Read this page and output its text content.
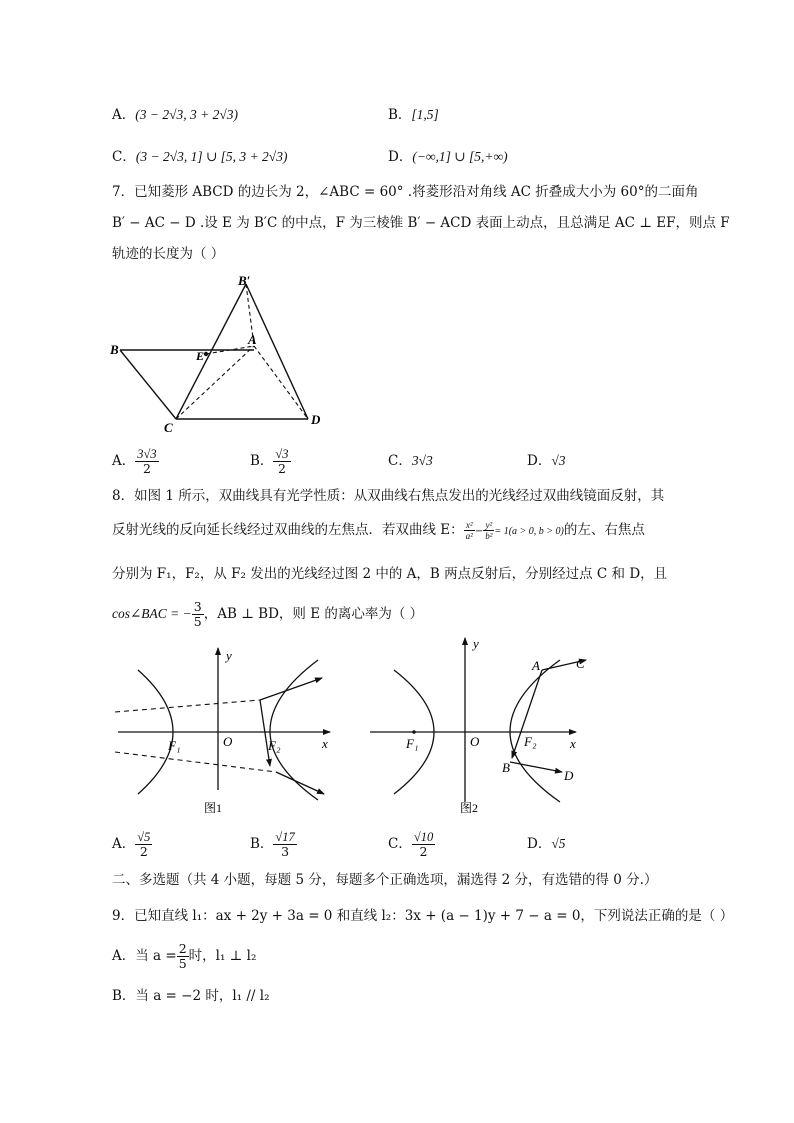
A．(3 − 2√3, 3 + 2√3)	B．[1,5]
C．(3 − 2√3, 1] ∪ [5, 3 + 2√3)	D．(−∞,1] ∪ [5,+∞)
7．已知菱形 ABCD 的边长为 2，∠ABC = 60° .将菱形沿对角线 AC 折叠成大小为 60°的二面角
B′ − AC − D .设 E 为 B′C 的中点，F 为三棱锥 B′ − ACD 表面上动点，且总满足 AC ⊥ EF，则点 F
轨迹的长度为（ ）
B′
B	E
A
C
D
A． $\frac{3√3}{2}$	B． $\frac{√3}{2}$	C．3√3	D．√3
8．如图 1 所示，双曲线具有光学性质：从双曲线右焦点发出的光线经过双曲线镜面反射，其
反射光线的反向延长线经过双曲线的左焦点．若双曲线 E： $\frac{\text{x²}}{\text{a²}} - \frac{\text{y²}}{\text{b²}} = 1(a > 0$, b > 0)的左、右焦点
分别为 F₁，F₂，从 F₂ 发出的光线经过图 2 中的 A，B 两点反射后，分别经过点 C 和 D，且
cos∠BAC = − $\frac{3}{5}$ ，AB ⊥ BD，则 E 的离心率为（ ）
y
x
O
F₁	F₂
图1
y
x
O
F₁	F₂
A	C
B
D
图2
A． $\frac{√5}{2}$	B． $\frac{√17}{3}$	C． $\frac{√10}{2}$	D．√5
二、多选题（共 4 小题，每题 5 分，每题多个正确选项，漏选得 2 分，有选错的得 0 分.）
9．已知直线 l₁：ax + 2y + 3a = 0 和直线 l₂：3x + (a − 1)y + 7 − a = 0，下列说法正确的是（ ）
A．当 $a = \frac{2}{5}$ 时，l₁ ⊥ l₂
B．当 a = −2 时，l₁ // l₂
